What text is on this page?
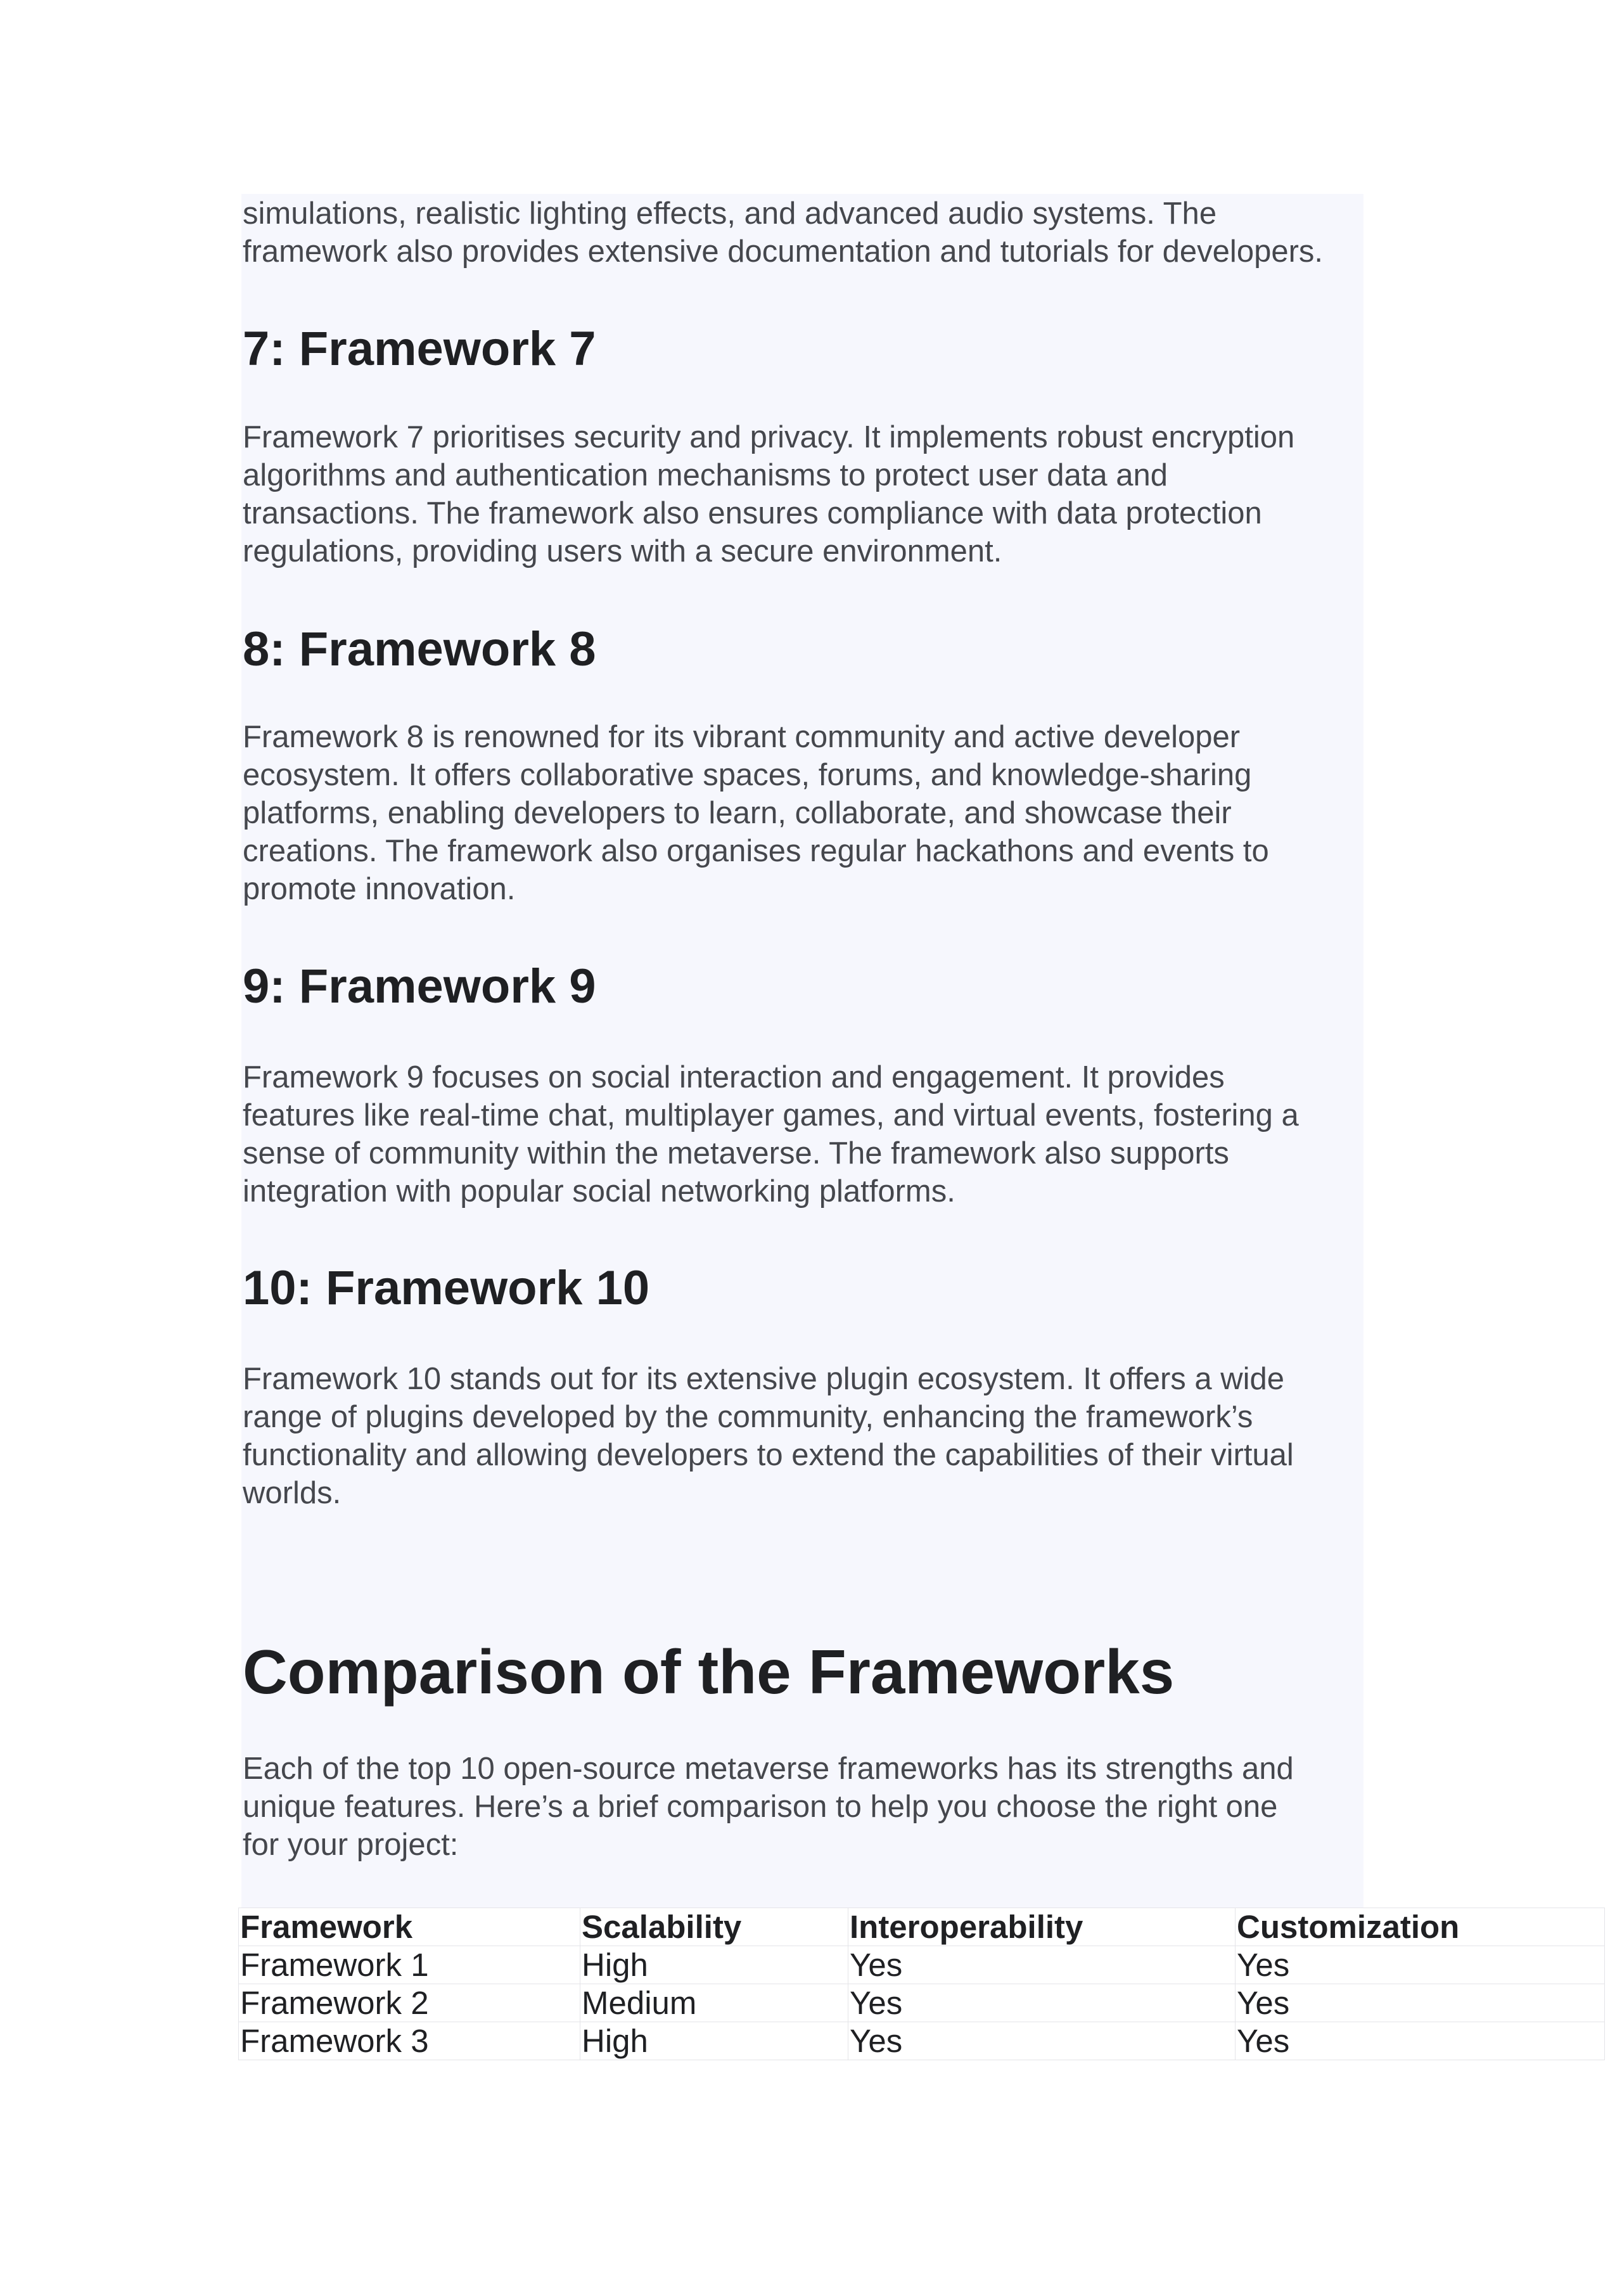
simulations, realistic lighting effects, and advanced audio systems. The
framework also provides extensive documentation and tutorials for developers.

7: Framework 7

Framework 7 prioritises security and privacy. It implements robust encryption
algorithms and authentication mechanisms to protect user data and
transactions. The framework also ensures compliance with data protection
regulations, providing users with a secure environment.

8: Framework 8

Framework 8 is renowned for its vibrant community and active developer
ecosystem. It offers collaborative spaces, forums, and knowledge-sharing
platforms, enabling developers to learn, collaborate, and showcase their
creations. The framework also organises regular hackathons and events to
promote innovation.

9: Framework 9

Framework 9 focuses on social interaction and engagement. It provides
features like real-time chat, multiplayer games, and virtual events, fostering a
sense of community within the metaverse. The framework also supports
integration with popular social networking platforms.

10: Framework 10

Framework 10 stands out for its extensive plugin ecosystem. It offers a wide
range of plugins developed by the community, enhancing the framework’s
functionality and allowing developers to extend the capabilities of their virtual
worlds.

Comparison of the Frameworks

Each of the top 10 open-source metaverse frameworks has its strengths and
unique features. Here’s a brief comparison to help you choose the right one
for your project:

Framework	Scalability	Interoperability	Customization
Framework 1	High	Yes	Yes
Framework 2	Medium	Yes	Yes
Framework 3	High	Yes	Yes
